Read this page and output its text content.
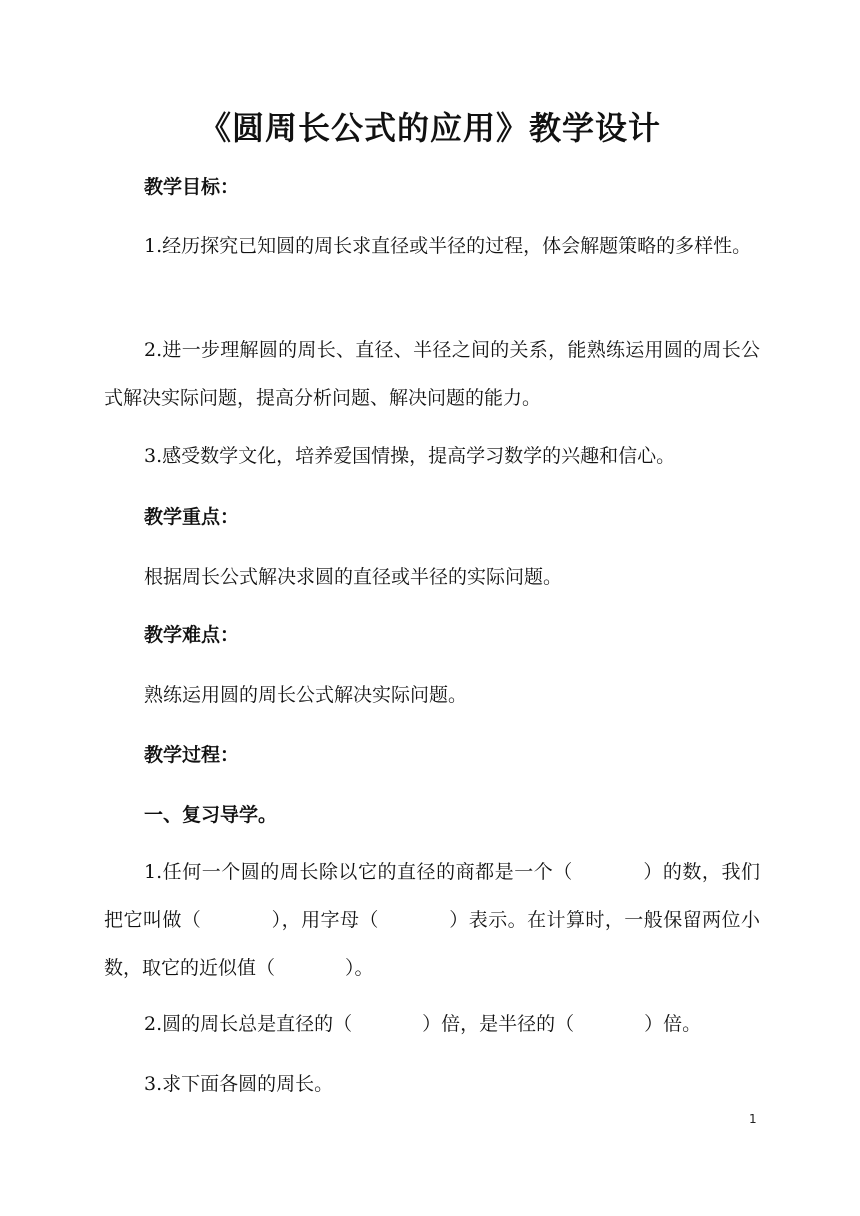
《圆周长公式的应用》教学设计
教学目标：
1.经历探究已知圆的周长求直径或半径的过程，体会解题策略的多样性。
2.进一步理解圆的周长、直径、半径之间的关系，能熟练运用圆的周长公式解决实际问题，提高分析问题、解决问题的能力。
3.感受数学文化，培养爱国情操，提高学习数学的兴趣和信心。
教学重点：
根据周长公式解决求圆的直径或半径的实际问题。
教学难点：
熟练运用圆的周长公式解决实际问题。
教学过程：
一、复习导学。
1.任何一个圆的周长除以它的直径的商都是一个（	）的数，我们把它叫做（	），用字母（	）表示。在计算时，一般保留两位小数，取它的近似值（	）。
2.圆的周长总是直径的（	）倍，是半径的（	）倍。
3.求下面各圆的周长。
1
